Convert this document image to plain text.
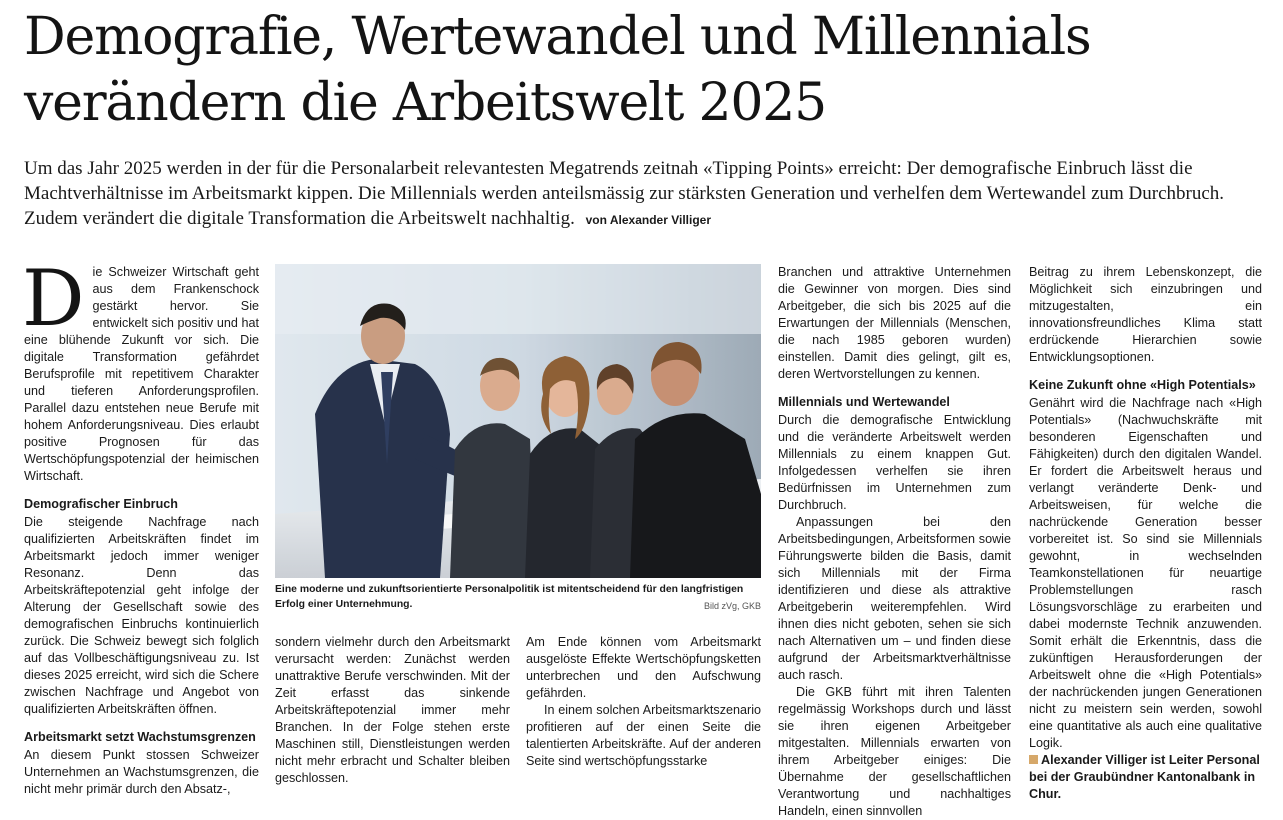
Demografie, Wertewandel und Millennials
verändern die Arbeitswelt 2025

Um das Jahr 2025 werden in der für die Personalarbeit relevantesten Megatrends zeitnah «Tipping Points» erreicht: Der demografische Einbruch lässt die Machtverhältnisse im Arbeitsmarkt kippen. Die Millennials werden anteilsmässig zur stärksten Generation und verhelfen dem Wertewandel zum Durchbruch. Zudem verändert die digitale Transformation die Arbeitswelt nachhaltig. von Alexander Villiger

Die Schweizer Wirtschaft geht aus dem Frankenschock gestärkt hervor. Sie entwickelt sich positiv und hat eine blühende Zukunft vor sich. Die digitale Transformation gefährdet Berufsprofile mit repetitivem Charakter und tieferen Anforderungsprofilen. Parallel dazu entstehen neue Berufe mit hohem Anforderungsniveau. Dies erlaubt positive Prognosen für das Wertschöpfungspotenzial der heimischen Wirtschaft.

Demografischer Einbruch

Die steigende Nachfrage nach qualifizierten Arbeitskräften findet im Arbeitsmarkt jedoch immer weniger Resonanz. Denn das Arbeitskräftepotenzial geht infolge der Alterung der Gesellschaft sowie des demografischen Einbruchs kontinuierlich zurück. Die Schweiz bewegt sich folglich auf das Vollbeschäftigungsniveau zu. Ist dieses 2025 erreicht, wird sich die Schere zwischen Nachfrage und Angebot von qualifizierten Arbeitskräften öffnen.

Arbeitsmarkt setzt Wachstumsgrenzen

An diesem Punkt stossen Schweizer Unternehmen an Wachstumsgrenzen, die nicht mehr primär durch den Absatz-,

Eine moderne und zukunftsorientierte Personalpolitik ist mitentscheidend für den langfristigen Erfolg einer Unternehmung.	Bild zVg, GKB

sondern vielmehr durch den Arbeitsmarkt verursacht werden: Zunächst werden unattraktive Berufe verschwinden. Mit der Zeit erfasst das sinkende Arbeitskräftepotenzial immer mehr Branchen. In der Folge stehen erste Maschinen still, Dienstleistungen werden nicht mehr erbracht und Schalter bleiben geschlossen.

Am Ende können vom Arbeitsmarkt ausgelöste Effekte Wertschöpfungsketten unterbrechen und den Aufschwung gefährden.

In einem solchen Arbeitsmarktszenario profitieren auf der einen Seite die talentierten Arbeitskräfte. Auf der anderen Seite sind wertschöpfungsstarke

Branchen und attraktive Unternehmen die Gewinner von morgen. Dies sind Arbeitgeber, die sich bis 2025 auf die Erwartungen der Millennials (Menschen, die nach 1985 geboren wurden) einstellen. Damit dies gelingt, gilt es, deren Wertvorstellungen zu kennen.

Millennials und Wertewandel

Durch die demografische Entwicklung und die veränderte Arbeitswelt werden Millennials zu einem knappen Gut. Infolgedessen verhelfen sie ihren Bedürfnissen im Unternehmen zum Durchbruch.

Anpassungen bei den Arbeitsbedingungen, Arbeitsformen sowie Führungswerte bilden die Basis, damit sich Millennials mit der Firma identifizieren und diese als attraktive Arbeitgeberin weiterempfehlen. Wird ihnen dies nicht geboten, sehen sie sich nach Alternativen um – und finden diese aufgrund der Arbeitsmarktverhältnisse auch rasch.

Die GKB führt mit ihren Talenten regelmässig Workshops durch und lässt sie ihren eigenen Arbeitgeber mitgestalten. Millennials erwarten von ihrem Arbeitgeber einiges: Die Übernahme der gesellschaftlichen Verantwortung und nachhaltiges Handeln, einen sinnvollen

Beitrag zu ihrem Lebenskonzept, die Möglichkeit sich einzubringen und mitzugestalten, ein innovationsfreundliches Klima statt erdrückende Hierarchien sowie Entwicklungsoptionen.

Keine Zukunft ohne «High Potentials»

Genährt wird die Nachfrage nach «High Potentials» (Nachwuchskräfte mit besonderen Eigenschaften und Fähigkeiten) durch den digitalen Wandel. Er fordert die Arbeitswelt heraus und verlangt veränderte Denk- und Arbeitsweisen, für welche die nachrückende Generation besser vorbereitet ist. So sind sie Millennials gewohnt, in wechselnden Teamkonstellationen für neuartige Problemstellungen rasch Lösungsvorschläge zu erarbeiten und dabei modernste Technik anzuwenden. Somit erhält die Erkenntnis, dass die zukünftigen Herausforderungen der Arbeitswelt ohne die «High Potentials» der nachrückenden jungen Generationen nicht zu meistern sein werden, sowohl eine quantitative als auch eine qualitative Logik.

Alexander Villiger ist Leiter Personal bei der Graubündner Kantonalbank in Chur.
